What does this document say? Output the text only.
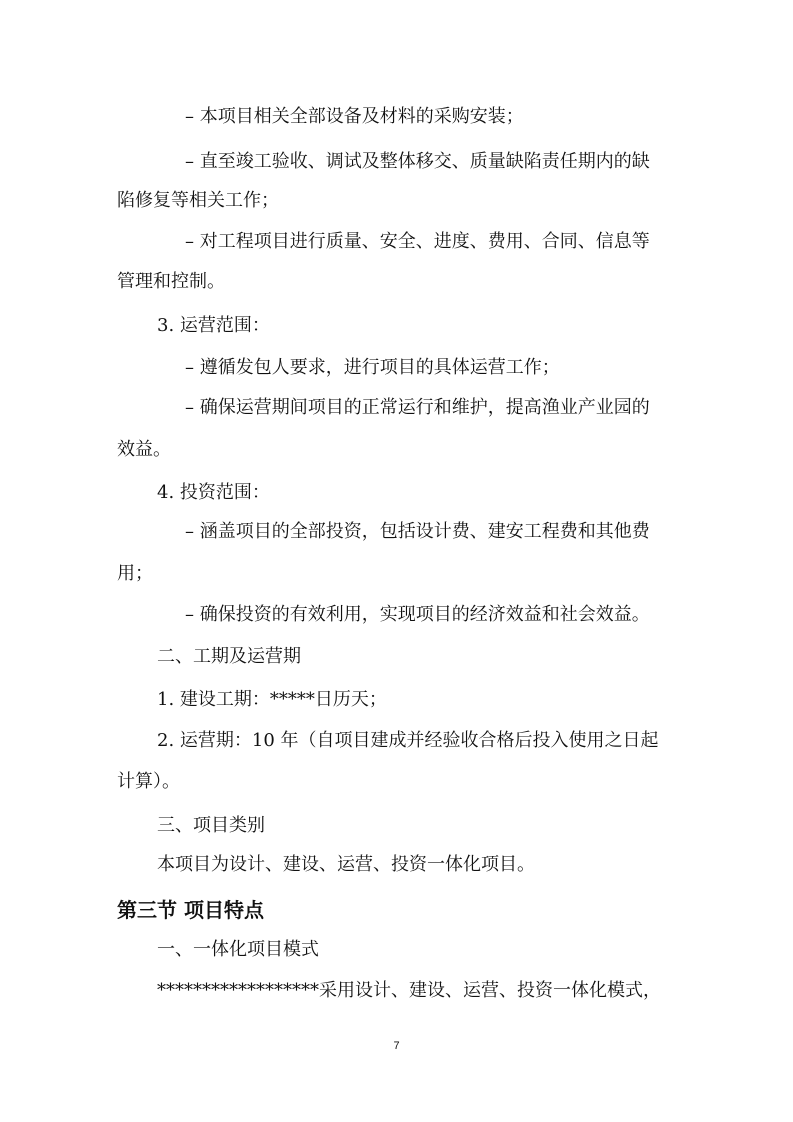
– 本项目相关全部设备及材料的采购安装；
– 直至竣工验收、调试及整体移交、质量缺陷责任期内的缺
陷修复等相关工作；
– 对工程项目进行质量、安全、进度、费用、合同、信息等
管理和控制。
3. 运营范围：
– 遵循发包人要求，进行项目的具体运营工作；
– 确保运营期间项目的正常运行和维护，提高渔业产业园的
效益。
4. 投资范围：
– 涵盖项目的全部投资，包括设计费、建安工程费和其他费
用；
– 确保投资的有效利用，实现项目的经济效益和社会效益。
二、工期及运营期
1. 建设工期：*****日历天；
2. 运营期：10 年（自项目建成并经验收合格后投入使用之日起
计算）。
三、项目类别
本项目为设计、建设、运营、投资一体化项目。
第三节 项目特点
一、一体化项目模式
******************采用设计、建设、运营、投资一体化模式，
7
